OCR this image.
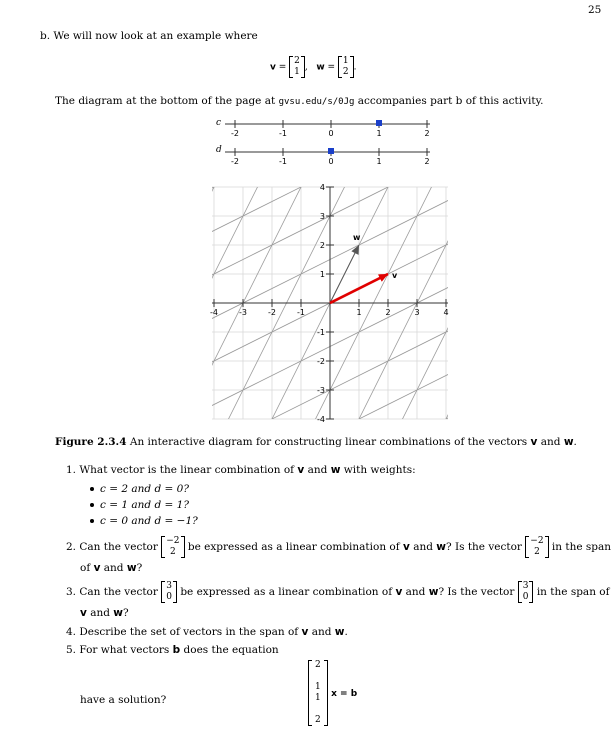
25
b. We will now look at an example where
v =
2
1 ,   w =
1
2 .
The diagram at the bottom of the page at gvsu.edu/s/0Jg accompanies part b of this activity.
c
-2	-1	0	1	2
d
-2	-1	0	1	2
-4	-3	-2	-1	1	2	3	4
4
3
2
1
-1
-2
-3
-4
v
w
Figure 2.3.4 An interactive diagram for constructing linear combinations of the vectors v and w.
1. What vector is the linear combination of v and w with weights:
c = 2 and d = 0?
c = 1 and d = 1?
c = 0 and d = −1?
2. Can the vector −2
2	be expressed as a linear combination of v and w? Is the vector −2
2	in the span
of v and w?
3. Can the vector 3
0 be expressed as a linear combination of v and w? Is the vector 3
0 in the span of
v and w?
4. Describe the set of vectors in the span of v and w.
5. For what vectors b does the equation
2

1
1

2
x = b
have a solution?
